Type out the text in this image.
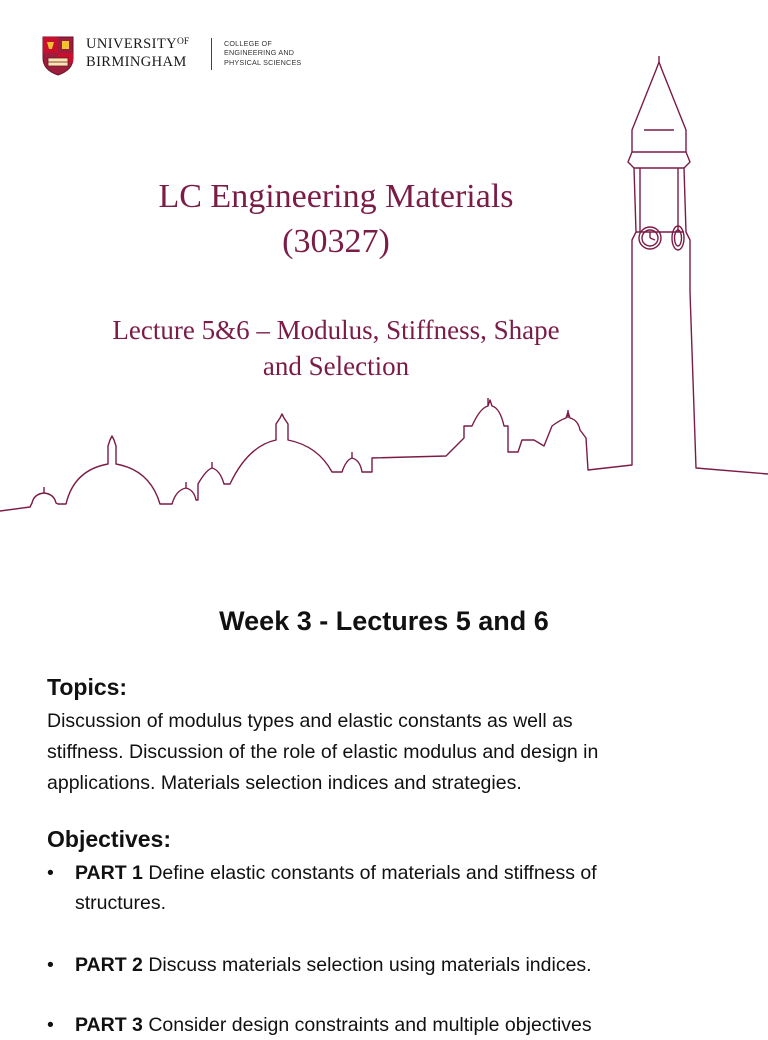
$UNIVERSITY^{OF}$
BIRMINGHAM
COLLEGE OF
ENGINEERING AND
PHYSICAL SCIENCES
LC Engineering Materials
(30327)
Lecture 5&6 – Modulus, Stiffness, Shape
and Selection
Week 3 - Lectures 5 and 6
Topics:
Discussion of modulus types and elastic constants as well as
stiffness. Discussion of the role of elastic modulus and design in
applications. Materials selection indices and strategies.
Objectives:
• PART 1 Define elastic constants of materials and stiffness of
structures.
• PART 2 Discuss materials selection using materials indices.
• PART 3 Consider design constraints and multiple objectives
